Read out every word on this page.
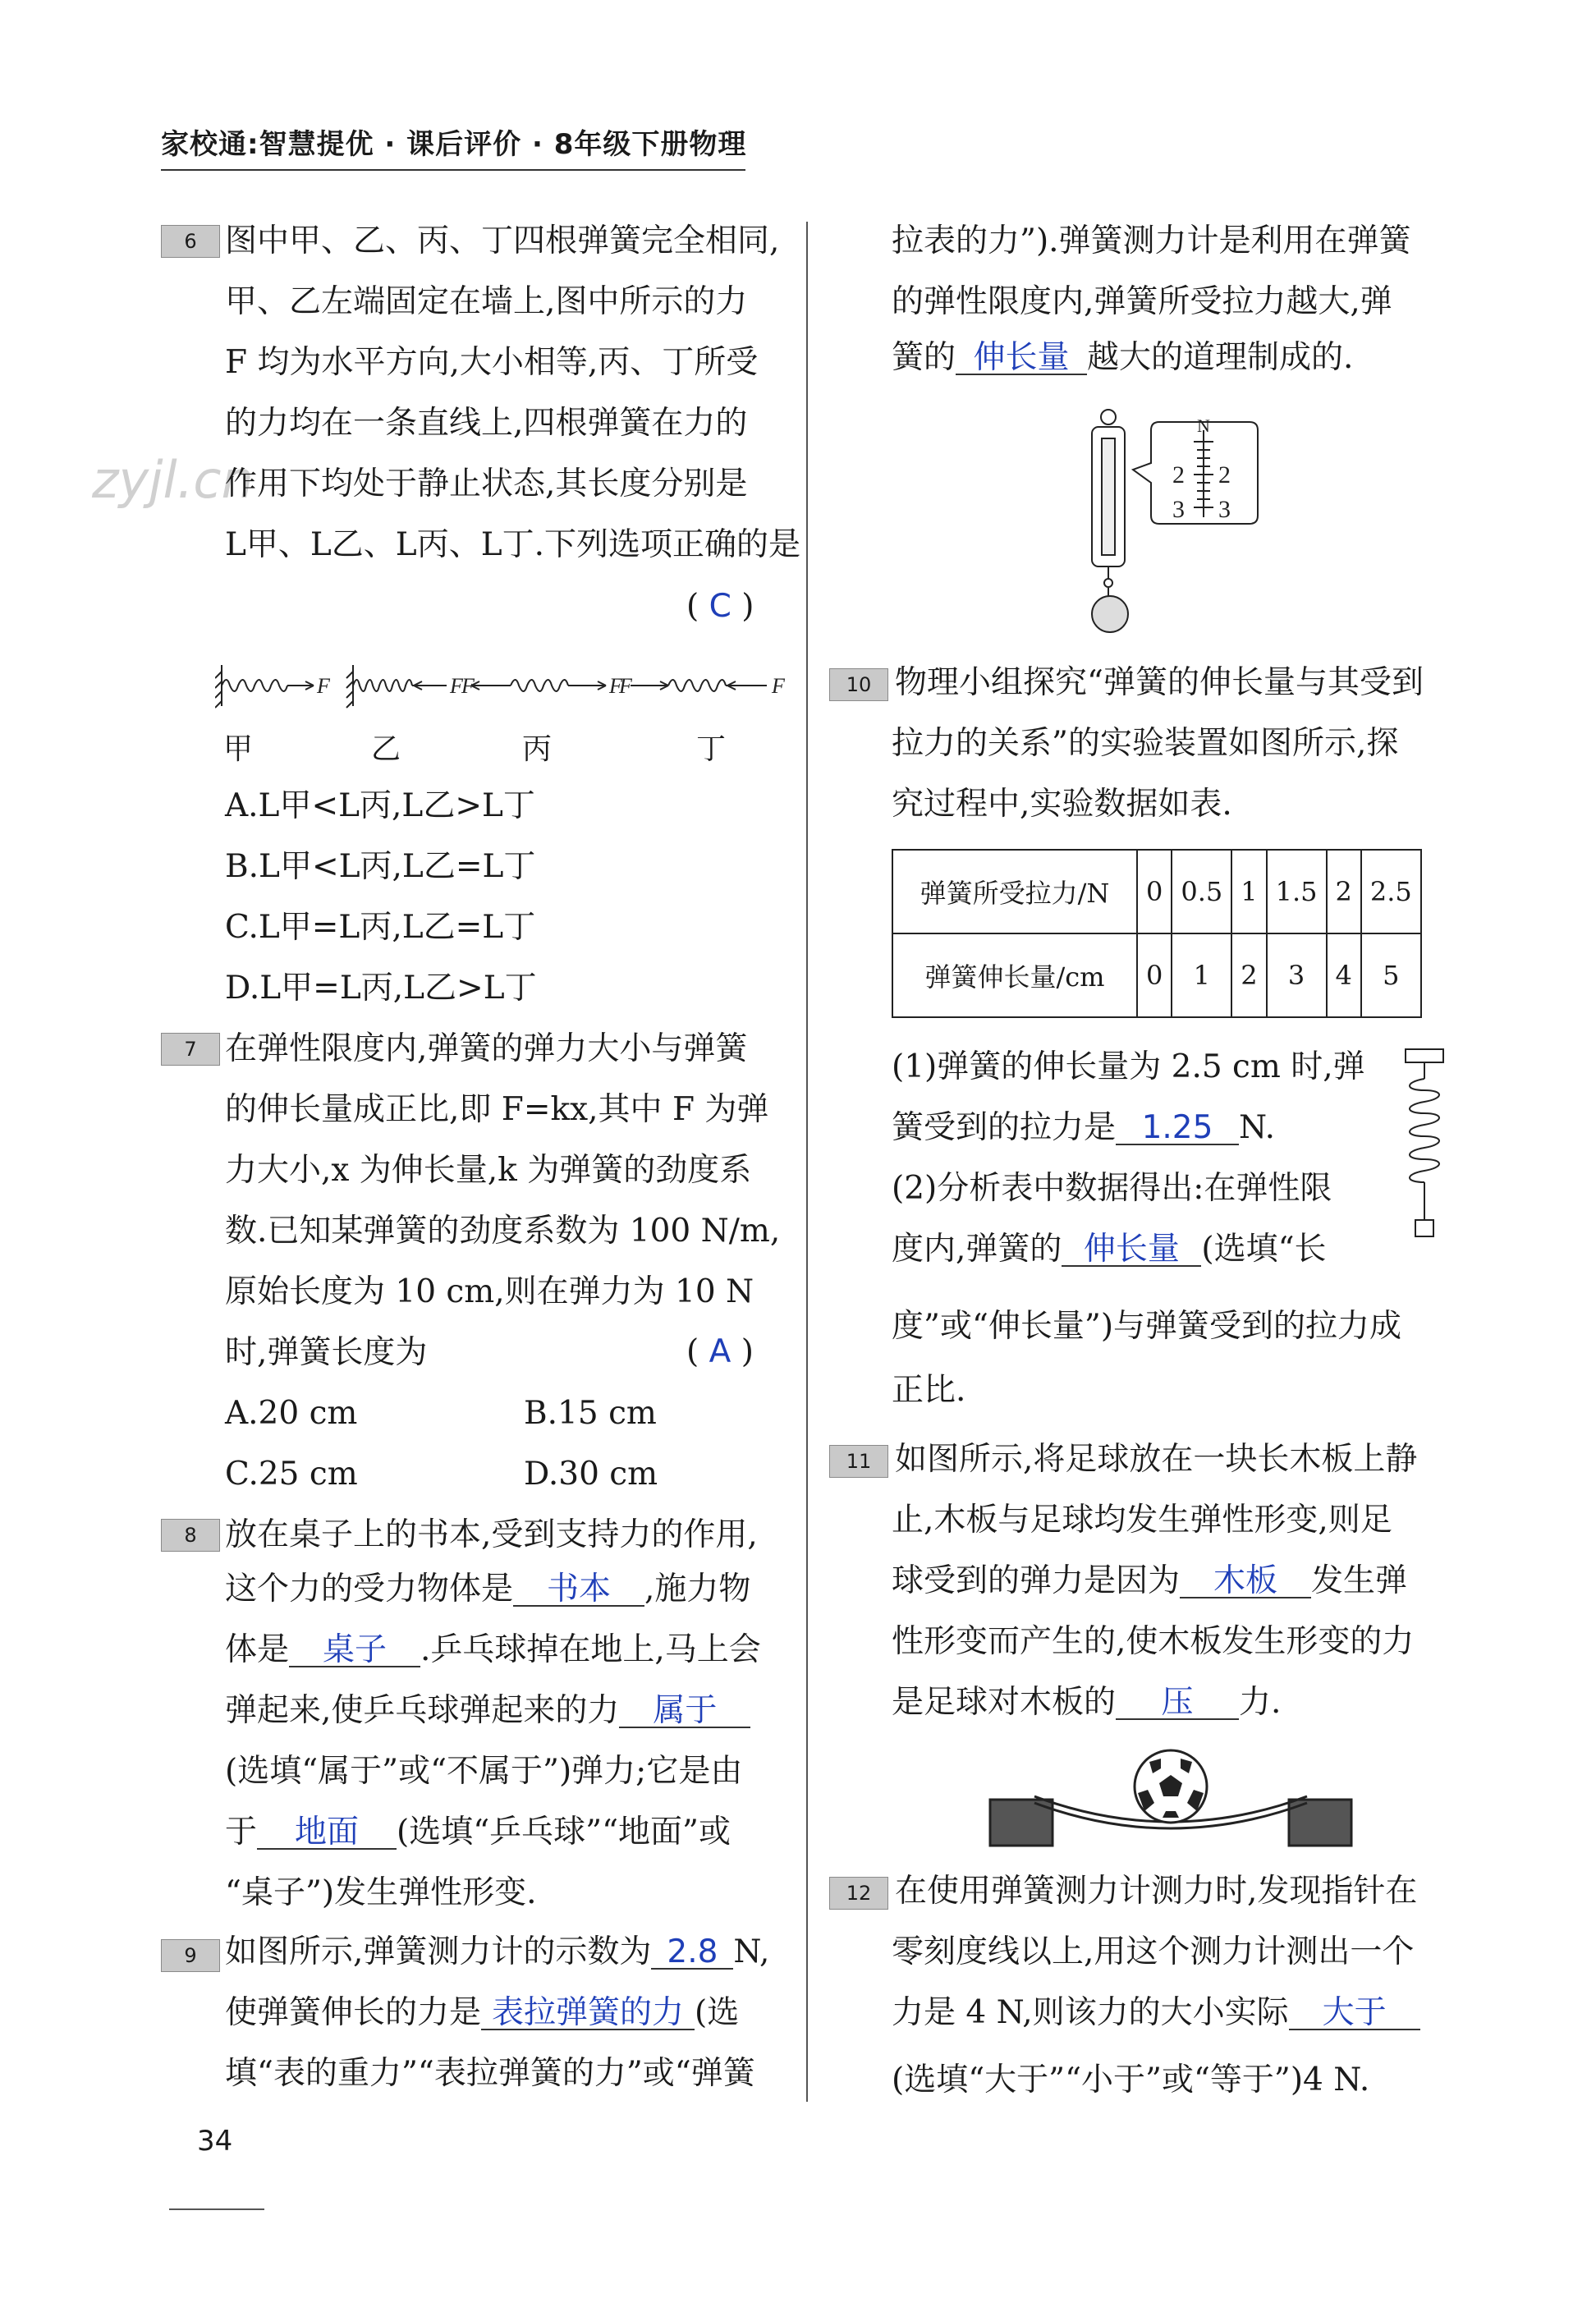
家校通:智慧提优 · 课后评价 · 8年级下册物理
zyjl.cn
6 图中甲、乙、丙、丁四根弹簧完全相同,
甲、乙左端固定在墙上,图中所示的力
F 均为水平方向,大小相等,丙、丁所受
的力均在一条直线上,四根弹簧在力的
作用下均处于静止状态,其长度分别是
L甲、L乙、L丙、L丁.下列选项正确的是
( C )
F	F
F	F
F	F
甲	乙	丙	丁
A.L甲<L丙,L乙>L丁
B.L甲<L丙,L乙=L丁
C.L甲=L丙,L乙=L丁
D.L甲=L丙,L乙>L丁
7 在弹性限度内,弹簧的弹力大小与弹簧
的伸长量成正比,即 F=kx,其中 F 为弹
力大小,x 为伸长量,k 为弹簧的劲度系
数.已知某弹簧的劲度系数为 100 N/m,
原始长度为 10 cm,则在弹力为 10 N
时,弹簧长度为	( A )
A.20 cm	B.15 cm
C.25 cm	D.30 cm
8 放在桌子上的书本,受到支持力的作用,
这个力的受力物体是 书本 ,施力物
体是 桌子 .乒乓球掉在地上,马上会
弹起来,使乒乓球弹起来的力 属于
(选填“属于”或“不属于”)弹力;它是由
于 地面 (选填“乒乓球”“地面”或
“桌子”)发生弹性形变.
9 如图所示,弹簧测力计的示数为 2.8 N,
使弹簧伸长的力是 表拉弹簧的力 (选
填“表的重力”“表拉弹簧的力”或“弹簧
34
拉表的力”).弹簧测力计是利用在弹簧
的弹性限度内,弹簧所受拉力越大,弹
簧的 伸长量 越大的道理制成的.
N
2 2
3 3
10 物理小组探究“弹簧的伸长量与其受到
拉力的关系”的实验装置如图所示,探
究过程中,实验数据如表.
弹簧所受拉力/N	0	0.5	1	1.5	2	2.5
弹簧伸长量/cm	0	1	2	3	4	5
(1)弹簧的伸长量为 2.5 cm 时,弹
簧受到的拉力是 1.25 N.
(2)分析表中数据得出:在弹性限
度内,弹簧的 伸长量 (选填“长
度”或“伸长量”)与弹簧受到的拉力成
正比.
11 如图所示,将足球放在一块长木板上静
止,木板与足球均发生弹性形变,则足
球受到的弹力是因为 木板 发生弹
性形变而产生的,使木板发生形变的力
是足球对木板的 压 力.
12 在使用弹簧测力计测力时,发现指针在
零刻度线以上,用这个测力计测出一个
力是 4 N,则该力的大小实际 大于
(选填“大于”“小于”或“等于”)4 N.
